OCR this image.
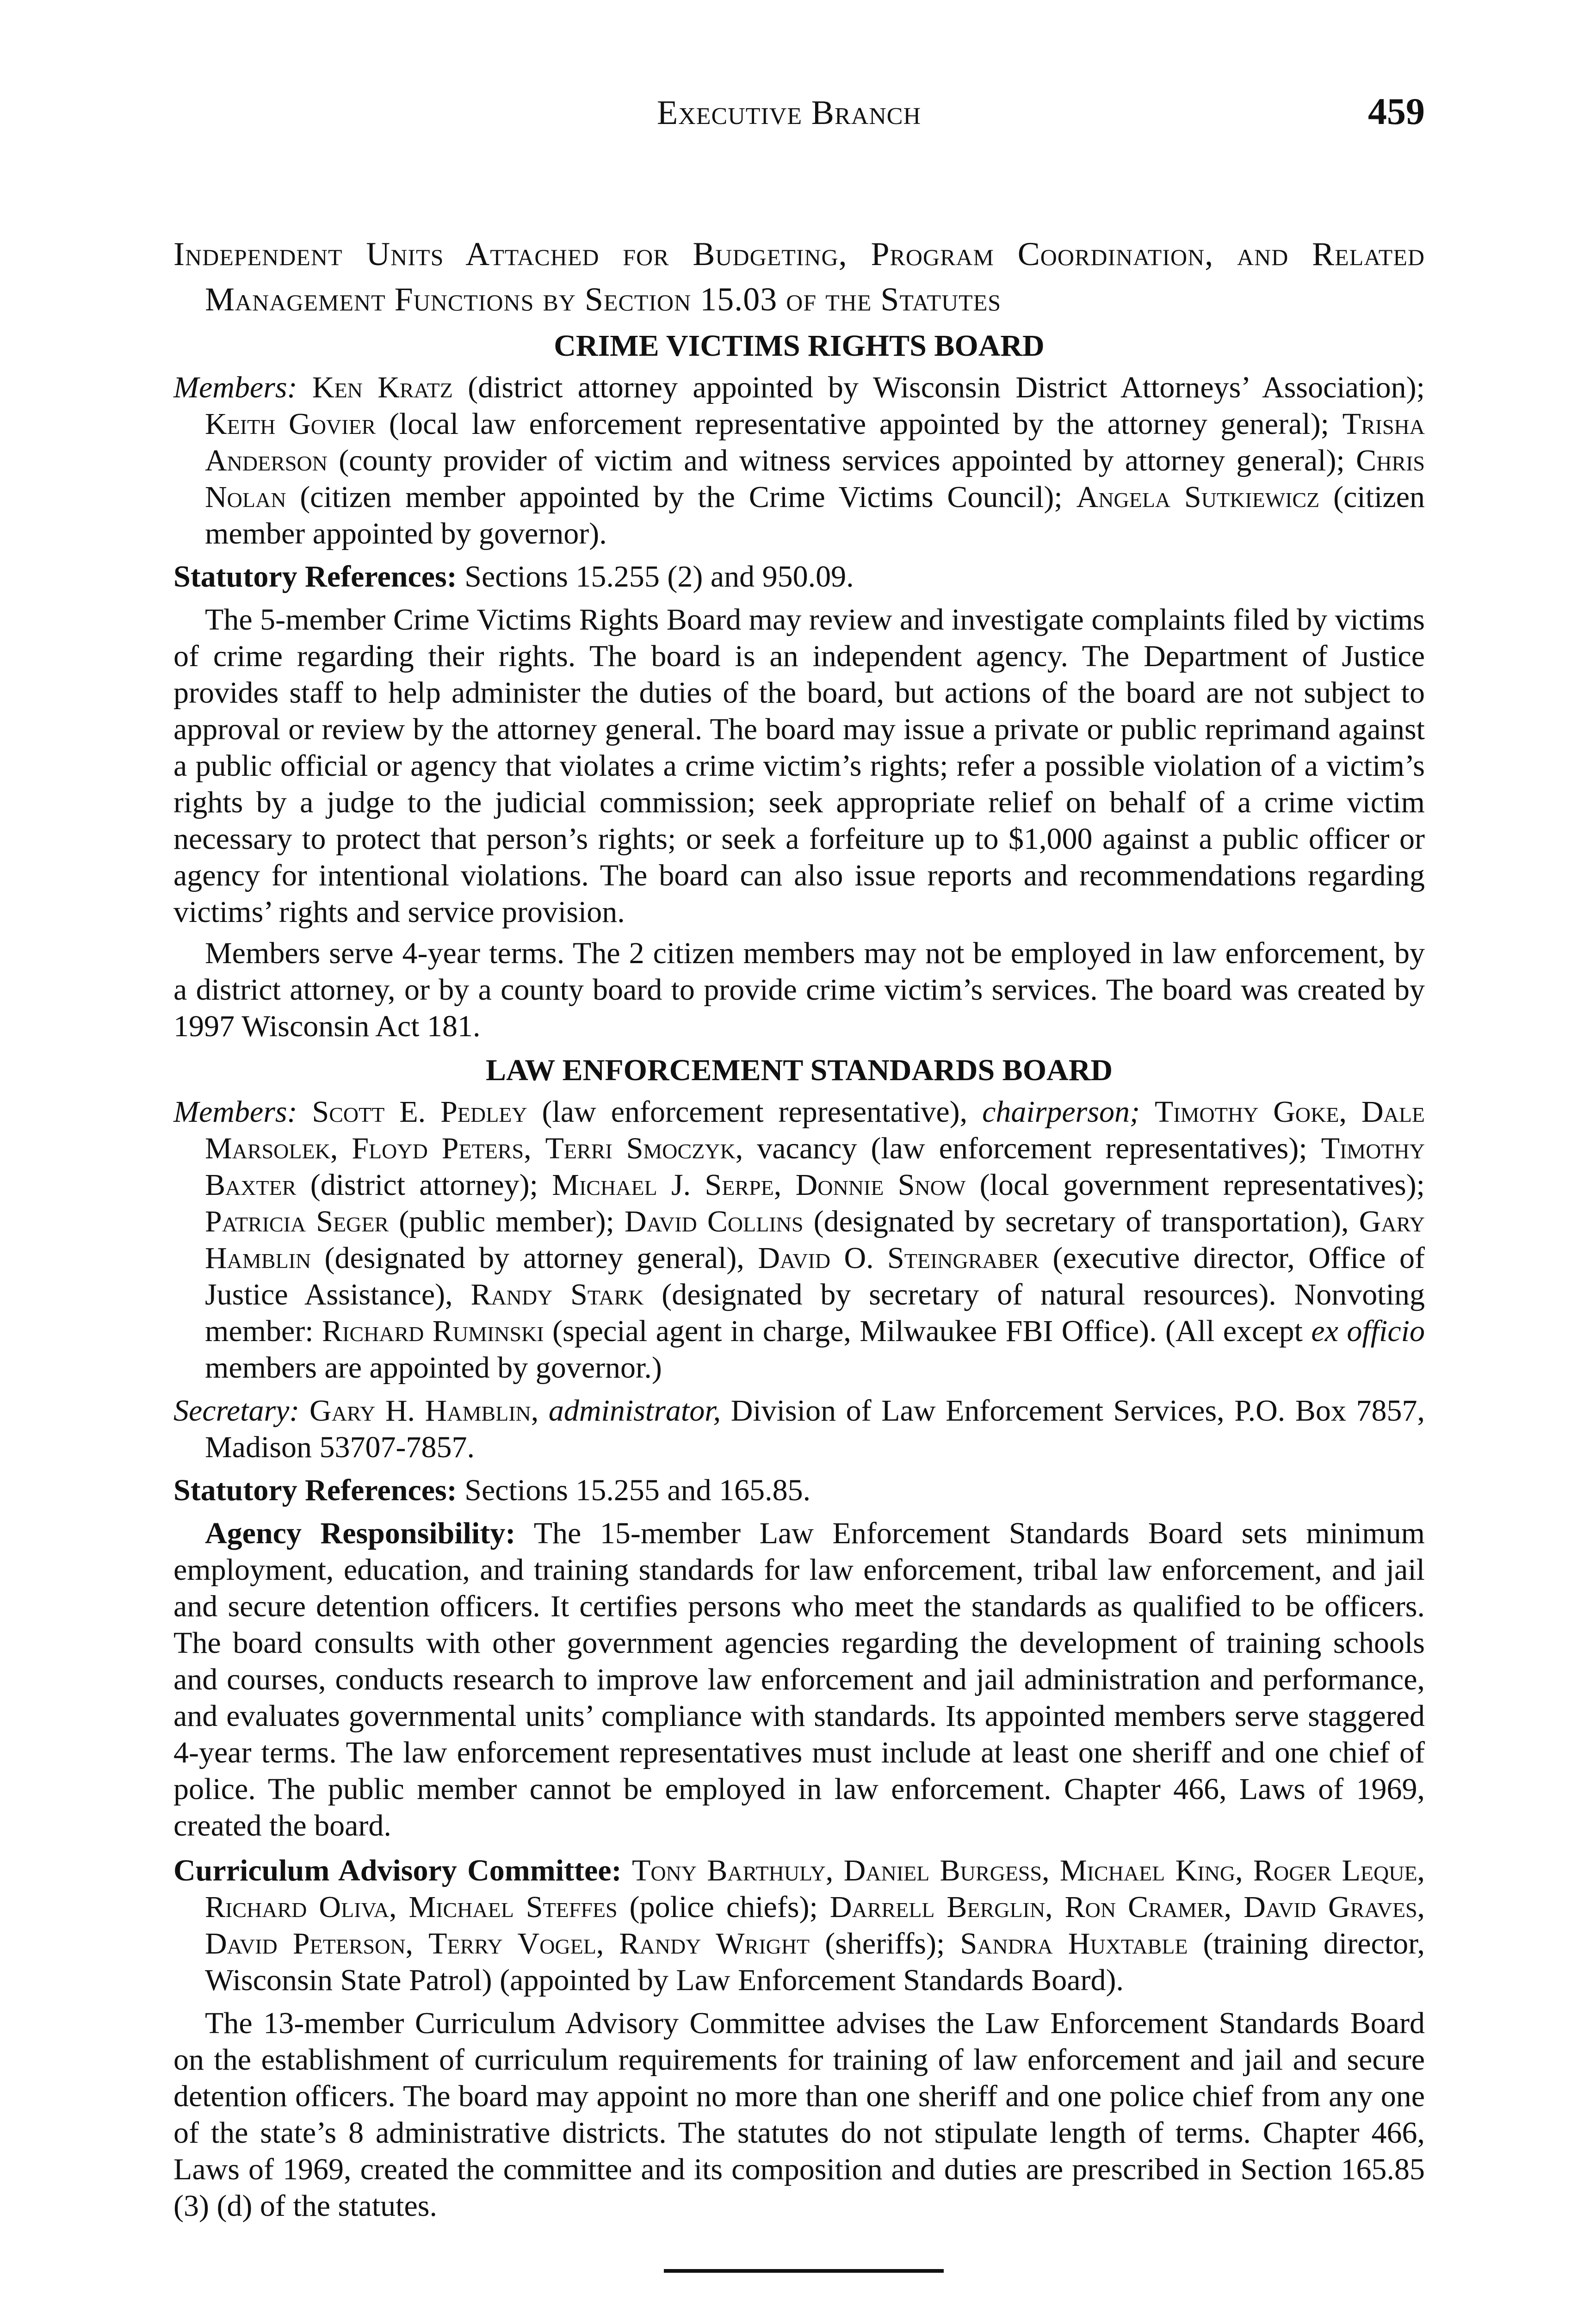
Executive Branch	459
Independent Units Attached for Budgeting, Program Coordination, and Related Management Functions by Section 15.03 of the Statutes
CRIME VICTIMS RIGHTS BOARD
Members: Ken Kratz (district attorney appointed by Wisconsin District Attorneys’ Association); Keith Govier (local law enforcement representative appointed by the attorney general); Trisha Anderson (county provider of victim and witness services appointed by attorney general); Chris Nolan (citizen member appointed by the Crime Victims Council); Angela Sutkiewicz (citizen member appointed by governor).
Statutory References: Sections 15.255 (2) and 950.09.
The 5-member Crime Victims Rights Board may review and investigate complaints filed by victims of crime regarding their rights. The board is an independent agency. The Department of Justice provides staff to help administer the duties of the board, but actions of the board are not subject to approval or review by the attorney general. The board may issue a private or public reprimand against a public official or agency that violates a crime victim’s rights; refer a possible violation of a victim’s rights by a judge to the judicial commission; seek appropriate relief on behalf of a crime victim necessary to protect that person’s rights; or seek a forfeiture up to $1,000 against a public officer or agency for intentional violations. The board can also issue reports and recommendations regarding victims’ rights and service provision.
Members serve 4-year terms. The 2 citizen members may not be employed in law enforcement, by a district attorney, or by a county board to provide crime victim’s services. The board was created by 1997 Wisconsin Act 181.
LAW ENFORCEMENT STANDARDS BOARD
Members: Scott E. Pedley (law enforcement representative), chairperson; Timothy Goke, Dale Marsolek, Floyd Peters, Terri Smoczyk, vacancy (law enforcement representatives); Timothy Baxter (district attorney); Michael J. Serpe, Donnie Snow (local government representatives); Patricia Seger (public member); David Collins (designated by secretary of transportation), Gary Hamblin (designated by attorney general), David O. Steingraber (executive director, Office of Justice Assistance), Randy Stark (designated by secretary of natural resources). Nonvoting member: Richard Ruminski (special agent in charge, Milwaukee FBI Office). (All except ex officio members are appointed by governor.)
Secretary: Gary H. Hamblin, administrator, Division of Law Enforcement Services, P.O. Box 7857, Madison 53707-7857.
Statutory References: Sections 15.255 and 165.85.
Agency Responsibility: The 15-member Law Enforcement Standards Board sets minimum employment, education, and training standards for law enforcement, tribal law enforcement, and jail and secure detention officers. It certifies persons who meet the standards as qualified to be officers. The board consults with other government agencies regarding the development of training schools and courses, conducts research to improve law enforcement and jail administration and performance, and evaluates governmental units’ compliance with standards. Its appointed members serve staggered 4-year terms. The law enforcement representatives must include at least one sheriff and one chief of police. The public member cannot be employed in law enforcement. Chapter 466, Laws of 1969, created the board.
Curriculum Advisory Committee: Tony Barthuly, Daniel Burgess, Michael King, Roger Leque, Richard Oliva, Michael Steffes (police chiefs); Darrell Berglin, Ron Cramer, David Graves, David Peterson, Terry Vogel, Randy Wright (sheriffs); Sandra Huxtable (training director, Wisconsin State Patrol) (appointed by Law Enforcement Standards Board).
The 13-member Curriculum Advisory Committee advises the Law Enforcement Standards Board on the establishment of curriculum requirements for training of law enforcement and jail and secure detention officers. The board may appoint no more than one sheriff and one police chief from any one of the state’s 8 administrative districts. The statutes do not stipulate length of terms. Chapter 466, Laws of 1969, created the committee and its composition and duties are prescribed in Section 165.85 (3) (d) of the statutes.
